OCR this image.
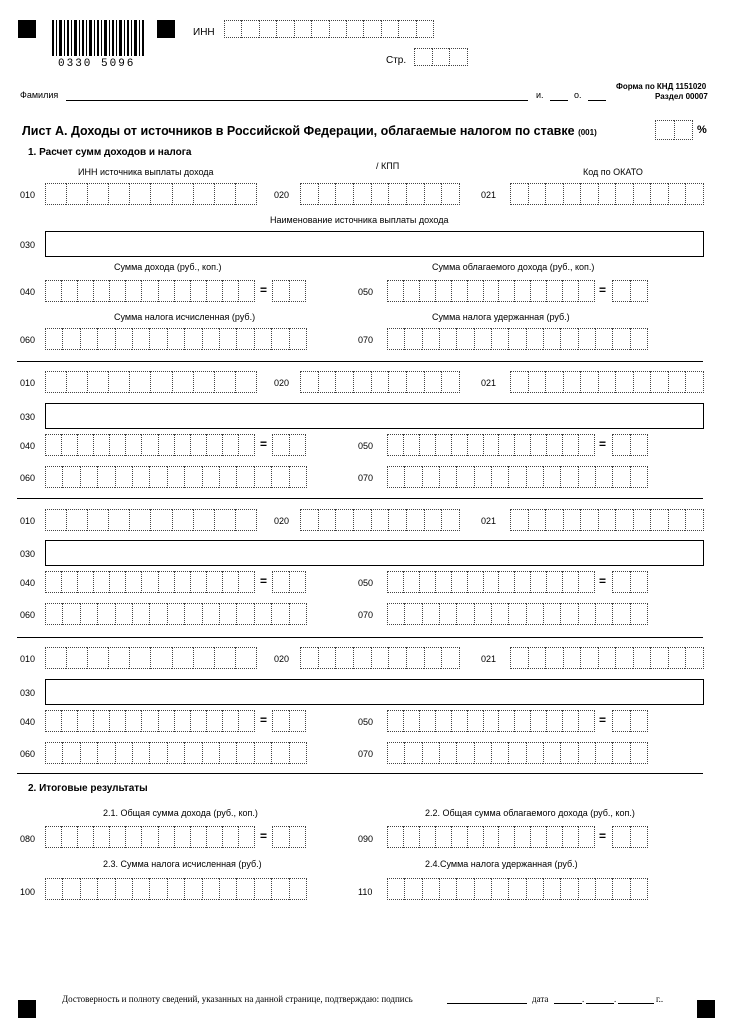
0330 5096
ИНН
Стр.
Форма по КНД 1151020
Раздел 00007
Фамилия	и.	о.
Лист А. Доходы от источников в Российской Федерации, облагаемые налогом по ставке (001)	%
1. Расчет сумм доходов и налога
ИНН источника выплаты дохода
/ КПП
Код по ОКАТО
Наименование источника выплаты дохода
Сумма дохода (руб., коп.)	Сумма облагаемого дохода (руб., коп.)
Сумма налога исчисленная (руб.)	Сумма налога удержанная (руб.)
010	020	021
030
040	=	050	=
060	070
010	020	021
030
040	=	050	=
060	070
010	020	021
030
040	=	050	=
060	070
010	020	021
030
040	=	050	=
060	070
2. Итоговые результаты
2.1. Общая сумма дохода (руб., коп.)	2.2. Общая сумма облагаемого дохода (руб., коп.)
2.3. Сумма налога исчисленная (руб.)	2.4.Сумма налога удержанная (руб.)
080	=	090	=
100	110
Достоверность и полноту сведений, указанных на данной странице, подтверждаю: подпись	дата	.	.	г..
